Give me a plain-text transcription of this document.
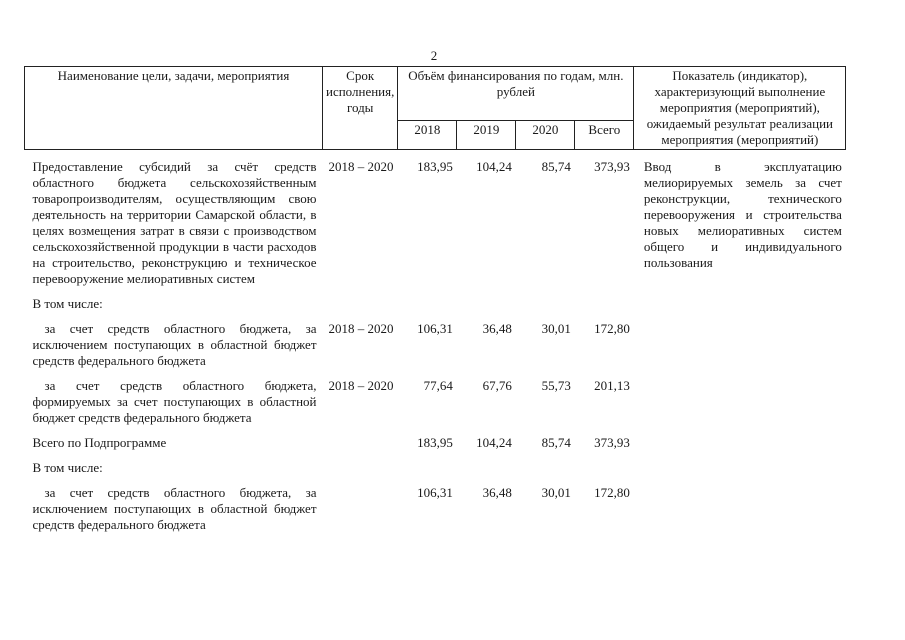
2
Наименование цели, задачи, мероприятия	Срок исполнения, годы	Объём финансирования по годам, млн. рублей				Показатель (индикатор), характеризующий выполнение мероприятия (мероприятий), ожидаемый результат реализации мероприятия (мероприятий)
		2018	2019	2020	Всего	

Предоставление субсидий за счёт средств областного бюджета сельскохозяйственным товаропроизводителям, осуществляющим свою деятельность на территории Самарской области, в целях возмещения затрат в связи с производством сельскохозяйственной продукции в части расходов на строительство, реконструкцию и техническое перевооружение мелиоративных систем	2018 – 2020	183,95	104,24	85,74	373,93	Ввод в эксплуатацию мелиорируемых земель за счет реконструкции, технического перевооружения и строительства новых мелиоративных систем общего и индивидуального пользования

В том числе:						

за счет средств областного бюджета, за исключением поступающих в областной бюджет средств федерального бюджета	2018 – 2020	106,31	36,48	30,01	172,80	

за счет средств областного бюджета, формируемых за счет поступающих в областной бюджет средств федерального бюджета	2018 – 2020	77,64	67,76	55,73	201,13	

Всего по Подпрограмме		183,95	104,24	85,74	373,93	

В том числе:						

за счет средств областного бюджета, за исключением поступающих в областной бюджет средств федерального бюджета		106,31	36,48	30,01	172,80	
